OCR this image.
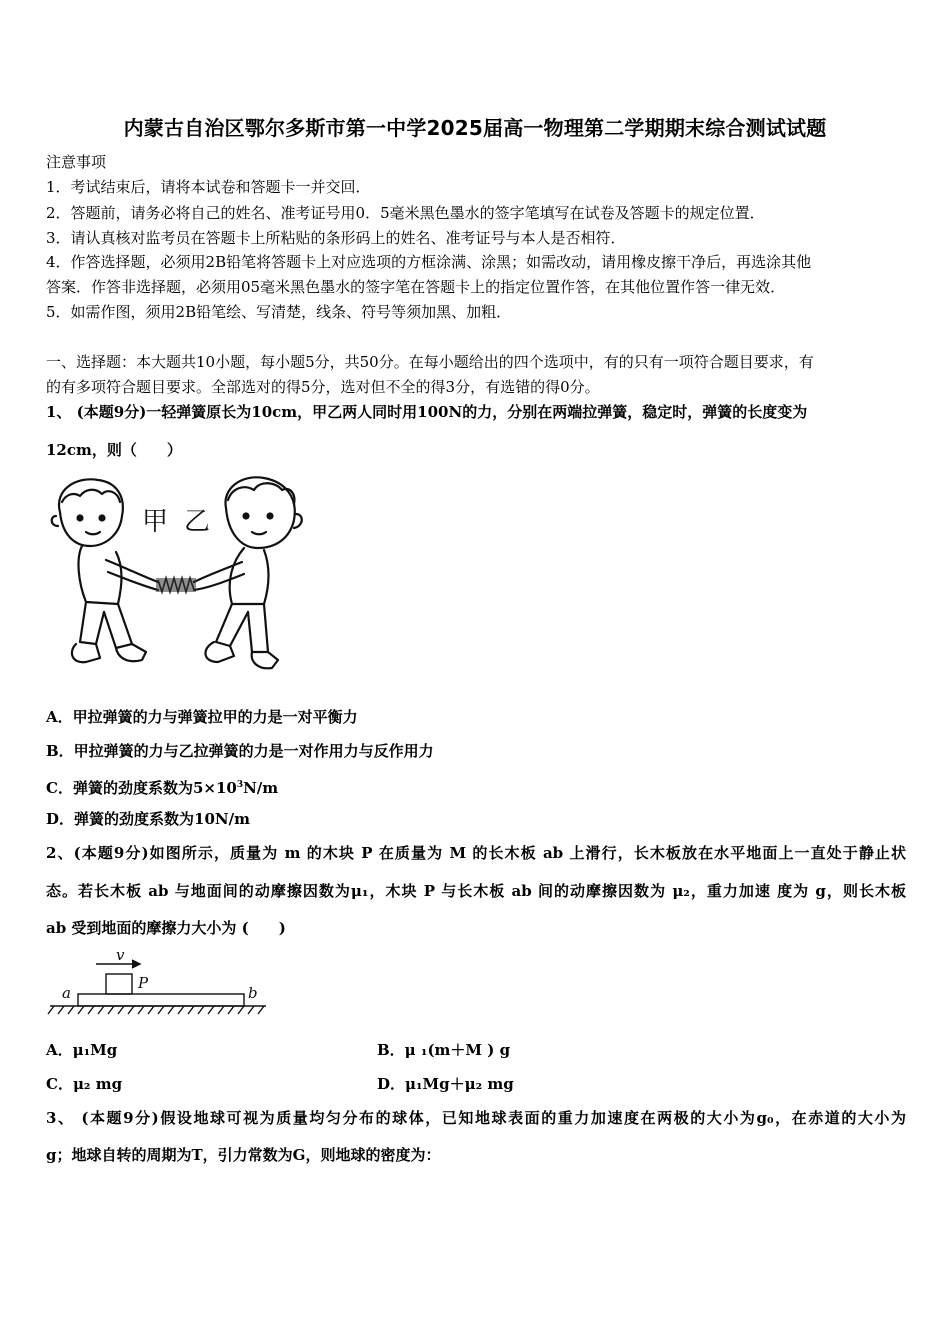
内蒙古自治区鄂尔多斯市第一中学2025届高一物理第二学期期末综合测试试题
注意事项
1．考试结束后，请将本试卷和答题卡一并交回．
2．答题前，请务必将自己的姓名、准考证号用0．5毫米黑色墨水的签字笔填写在试卷及答题卡的规定位置．
3．请认真核对监考员在答题卡上所粘贴的条形码上的姓名、准考证号与本人是否相符．
4．作答选择题，必须用2B铅笔将答题卡上对应选项的方框涂满、涂黑；如需改动，请用橡皮擦干净后，再选涂其他
答案．作答非选择题，必须用05毫米黑色墨水的签字笔在答题卡上的指定位置作答，在其他位置作答一律无效．
5．如需作图，须用2B铅笔绘、写清楚，线条、符号等须加黑、加粗．
一、选择题：本大题共10小题，每小题5分，共50分。在每小题给出的四个选项中，有的只有一项符合题目要求，有
的有多项符合题目要求。全部选对的得5分，选对但不全的得3分，有选错的得0分。
1、 (本题9分)一轻弹簧原长为10cm，甲乙两人同时用100N的力，分别在两端拉弹簧，稳定时，弹簧的长度变为
12cm，则（　　）
甲 乙
A．甲拉弹簧的力与弹簧拉甲的力是一对平衡力
B．甲拉弹簧的力与乙拉弹簧的力是一对作用力与反作用力
C．弹簧的劲度系数为$5\times 10^3N/m$
D．弹簧的劲度系数为10N/m
2、(本题9分)如图所示，质量为 m 的木块 P 在质量为 M 的长木板 ab 上滑行，长木板放在水平地面上一直处于静止状
态。若长木板 ab 与地面间的动摩擦因数为μ₁，木块 P 与长木板 ab 间的动摩擦因数为 μ₂，重力加速 度为 g，则长木板
ab 受到地面的摩擦力大小为 (　　)
v
P
a	b
A．μ₁Mg	B．μ ₁(m＋M ) g
C．μ₂ mg	D．μ₁Mg＋μ₂ mg
3、 (本题9分)假设地球可视为质量均匀分布的球体，已知地球表面的重力加速度在两极的大小为g₀，在赤道的大小为
g；地球自转的周期为T，引力常数为G，则地球的密度为：
